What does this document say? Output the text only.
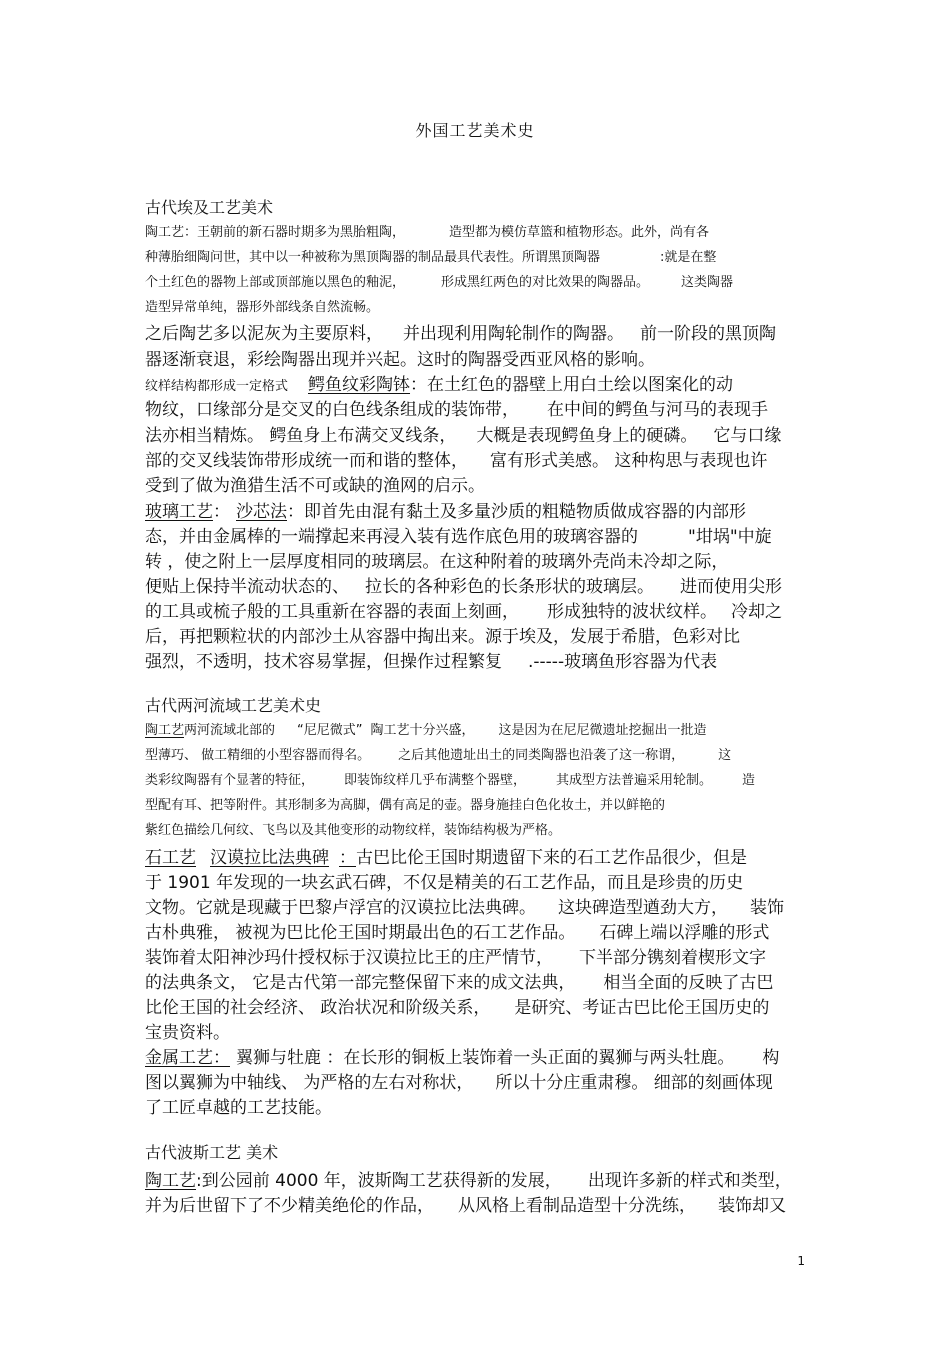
外国工艺美术史
古代埃及工艺美术
陶工艺：王朝前的新石器时期多为黑胎粗陶，	造型都为模仿草篮和植物形态。此外，尚有各
种薄胎细陶问世，其中以一种被称为黑顶陶器的制品最具代表性。所谓黑顶陶器	:就是在整
个土红色的器物上部或顶部施以黑色的釉泥，	形成黑红两色的对比效果的陶器品。 这类陶器
造型异常单纯，器形外部线条自然流畅。
之后陶艺多以泥灰为主要原料， 并出现利用陶轮制作的陶器。 前一阶段的黑顶陶
器逐渐衰退，彩绘陶器出现并兴起。这时的陶器受西亚风格的影响。
纹样结构都形成一定格式 鳄鱼纹彩陶钵：在土红色的器壁上用白土绘以图案化的动
物纹，口缘部分是交叉的白色线条组成的装饰带， 在中间的鳄鱼与河马的表现手
法亦相当精炼。 鳄鱼身上布满交叉线条， 大概是表现鳄鱼身上的硬磷。 它与口缘
部的交叉线装饰带形成统一而和谐的整体， 富有形式美感。 这种构思与表现也许
受到了做为渔猎生活不可或缺的渔网的启示。
玻璃工艺： 沙芯法：即首先由混有黏土及多量沙质的粗糙物质做成容器的内部形
态，并由金属棒的一端撑起来再浸入装有选作底色用的玻璃容器的	"坩埚"中旋
转 ，使之附上一层厚度相同的玻璃层。在这种附着的玻璃外壳尚未冷却之际，
便贴上保持半流动状态的、 拉长的各种彩色的长条形状的玻璃层。 进而使用尖形
的工具或梳子般的工具重新在容器的表面上刻画， 形成独特的波状纹样。 冷却之
后，再把颗粒状的内部沙土从容器中掏出来。源于埃及，发展于希腊，色彩对比
强烈，不透明，技术容易掌握，但操作过程繁复 .-----玻璃鱼形容器为代表
古代两河流域工艺美术史
陶工艺两河流域北部的 “尼尼微式” 陶工艺十分兴盛， 这是因为在尼尼微遗址挖掘出一批造
型薄巧、 做工精细的小型容器而得名。 之后其他遗址出土的同类陶器也沿袭了这一称谓，	这
类彩纹陶器有个显著的特征， 即装饰纹样几乎布满整个器壁， 其成型方法普遍采用轮制。 造
型配有耳、把等附件。其形制多为高脚，偶有高足的壶。器身施挂白色化妆土，并以鲜艳的
紫红色描绘几何纹、飞鸟以及其他变形的动物纹样，装饰结构极为严格。
石工艺 汉谟拉比法典碑 ：古巴比伦王国时期遗留下来的石工艺作品很少，但是
于 1901 年发现的一块玄武石碑，不仅是精美的石工艺作品，而且是珍贵的历史
文物。它就是现藏于巴黎卢浮宫的汉谟拉比法典碑。 这块碑造型遒劲大方， 装饰
古朴典雅， 被视为巴比伦王国时期最出色的石工艺作品。 石碑上端以浮雕的形式
装饰着太阳神沙玛什授权标于汉谟拉比王的庄严情节， 下半部分镌刻着楔形文字
的法典条文， 它是古代第一部完整保留下来的成文法典， 相当全面的反映了古巴
比伦王国的社会经济、 政治状况和阶级关系， 是研究、考证古巴比伦王国历史的
宝贵资料。
金属工艺： 翼狮与牡鹿 ：在长形的铜板上装饰着一头正面的翼狮与两头牡鹿。 构
图以翼狮为中轴线、 为严格的左右对称状， 所以十分庄重肃穆。 细部的刻画体现
了工匠卓越的工艺技能。
古代波斯工艺 美术
陶工艺:到公园前 4000 年，波斯陶工艺获得新的发展， 出现许多新的样式和类型，
并为后世留下了不少精美绝伦的作品， 从风格上看制品造型十分洗练， 装饰却又
1
